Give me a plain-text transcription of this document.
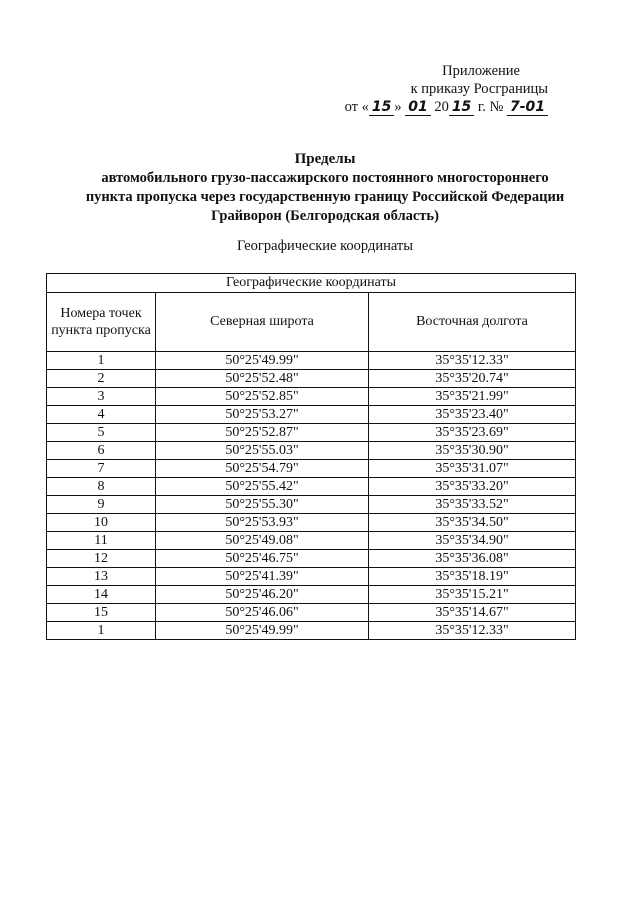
Приложение
к приказу Росграницы
от « 15 » 01 20 15 г. № 7-01
Пределы
автомобильного грузо-пассажирского постоянного многостороннего
пункта пропуска через государственную границу Российской Федерации
Грайворон (Белгородская область)
Географические координаты
Географические координаты		
Номера точек пункта пропуска	Северная широта	Восточная долгота
1	50°25'49.99"	35°35'12.33"
2	50°25'52.48"	35°35'20.74"
3	50°25'52.85"	35°35'21.99"
4	50°25'53.27"	35°35'23.40"
5	50°25'52.87"	35°35'23.69"
6	50°25'55.03"	35°35'30.90"
7	50°25'54.79"	35°35'31.07"
8	50°25'55.42"	35°35'33.20"
9	50°25'55.30"	35°35'33.52"
10	50°25'53.93"	35°35'34.50"
11	50°25'49.08"	35°35'34.90"
12	50°25'46.75"	35°35'36.08"
13	50°25'41.39"	35°35'18.19"
14	50°25'46.20"	35°35'15.21"
15	50°25'46.06"	35°35'14.67"
1	50°25'49.99"	35°35'12.33"
